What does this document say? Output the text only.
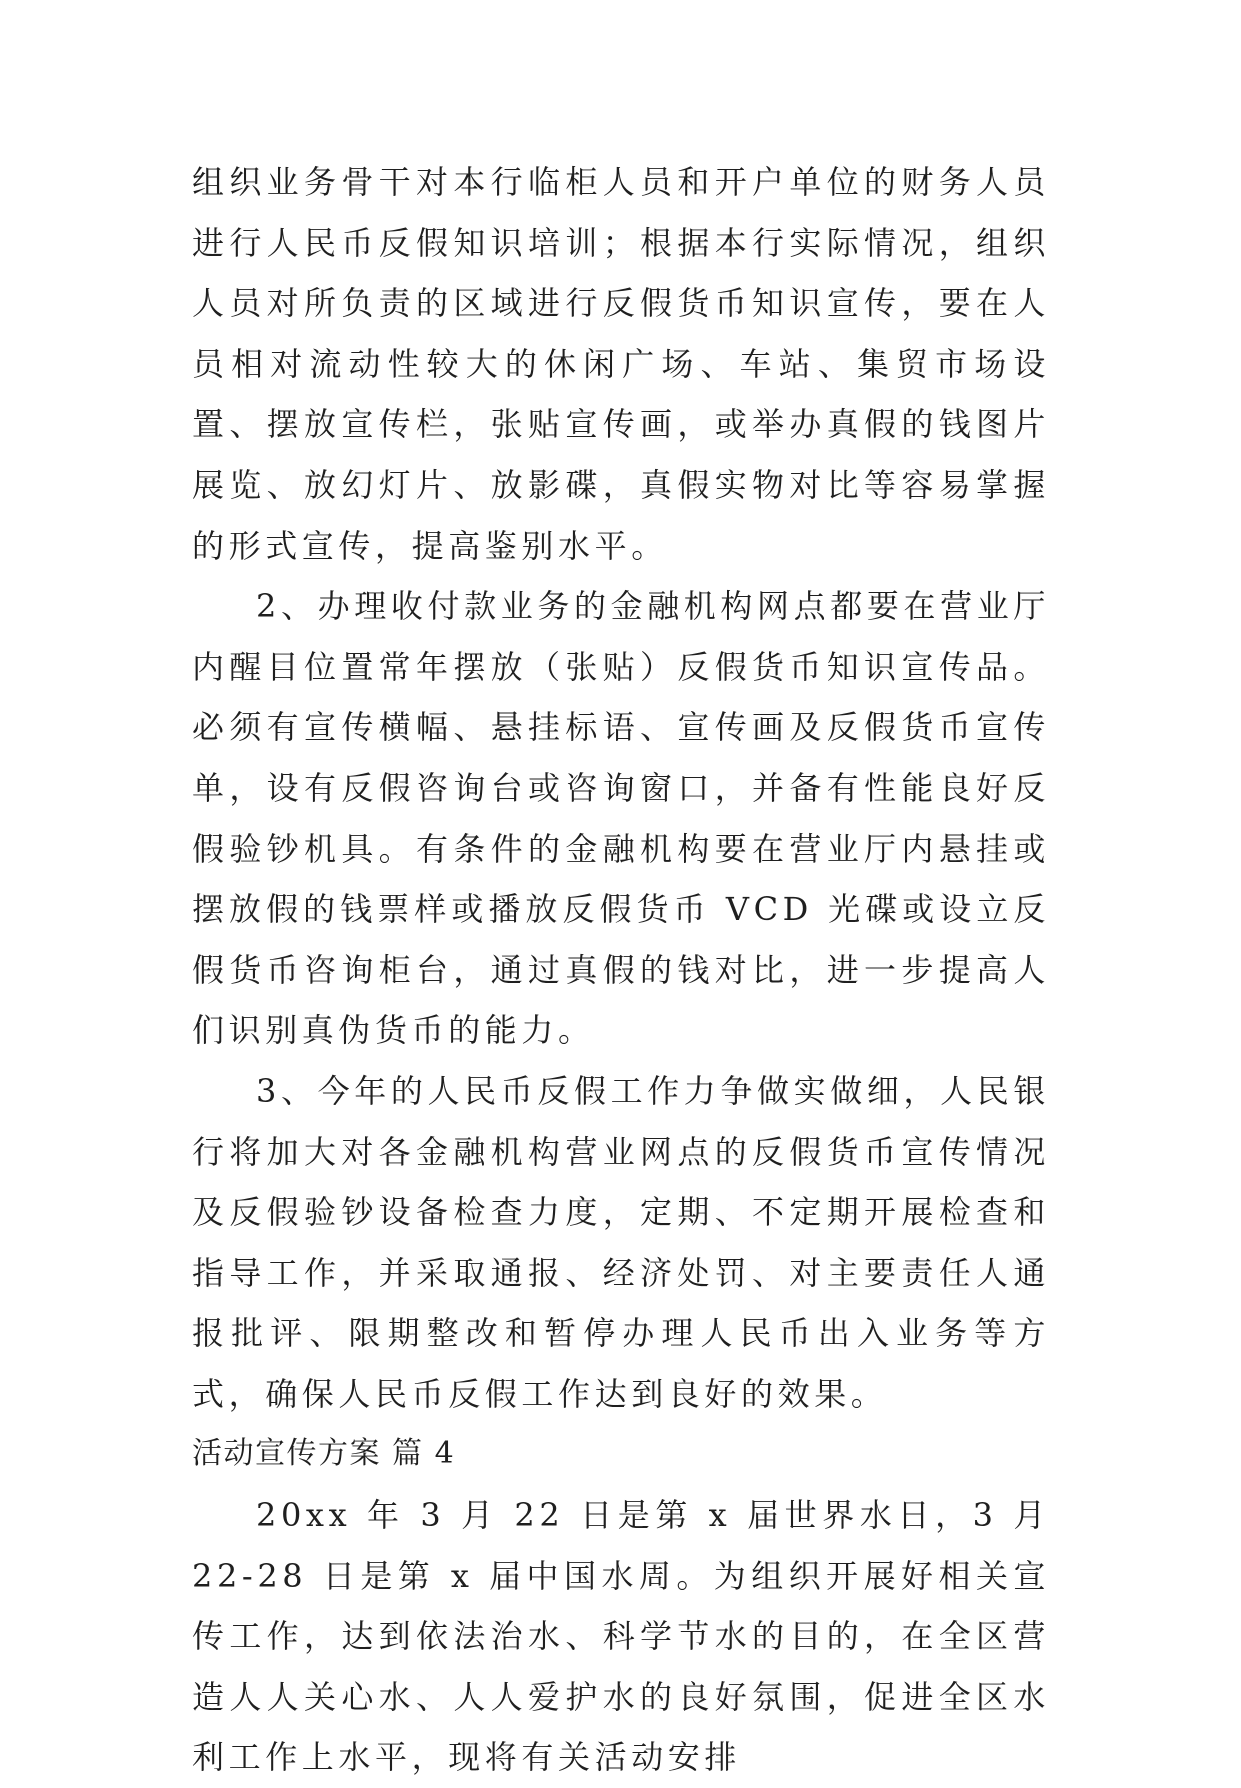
组织业务骨干对本行临柜人员和开户单位的财务人员进行人民币反假知识培训；根据本行实际情况，组织人员对所负责的区域进行反假货币知识宣传，要在人员相对流动性较大的休闲广场、车站、集贸市场设置、摆放宣传栏，张贴宣传画，或举办真假的钱图片展览、放幻灯片、放影碟，真假实物对比等容易掌握的形式宣传，提高鉴别水平。

2、办理收付款业务的金融机构网点都要在营业厅内醒目位置常年摆放（张贴）反假货币知识宣传品。必须有宣传横幅、悬挂标语、宣传画及反假货币宣传单，设有反假咨询台或咨询窗口，并备有性能良好反假验钞机具。有条件的金融机构要在营业厅内悬挂或摆放假的钱票样或播放反假货币 VCD 光碟或设立反假货币咨询柜台，通过真假的钱对比，进一步提高人们识别真伪货币的能力。

3、今年的人民币反假工作力争做实做细，人民银行将加大对各金融机构营业网点的反假货币宣传情况及反假验钞设备检查力度，定期、不定期开展检查和指导工作，并采取通报、经济处罚、对主要责任人通报批评、限期整改和暂停办理人民币出入业务等方式，确保人民币反假工作达到良好的效果。

活动宣传方案 篇 4

20xx 年 3 月 22 日是第 x 届世界水日，3 月 22-28 日是第 x 届中国水周。为组织开展好相关宣传工作，达到依法治水、科学节水的目的，在全区营造人人关心水、人人爱护水的良好氛围，促进全区水利工作上水平，现将有关活动安排
